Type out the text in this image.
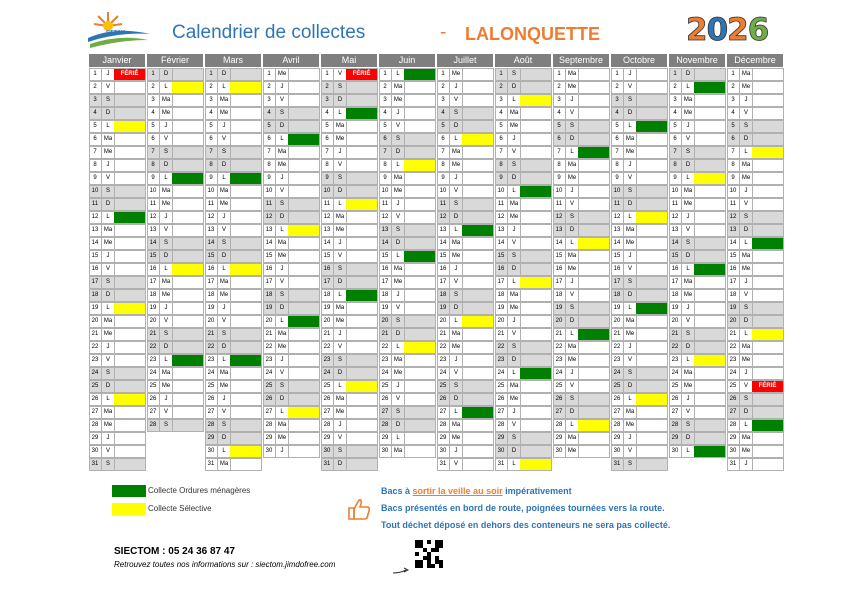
SIETOM Calendrier de collectes	- LALONQUETTE	2026
Janvier
1	J	FÉRIÉ
2	V
3	S
4	D
5	L
6	Ma
7	Me
8	J
9	V
10	S
11	D
12	L
13 Ma
14 Me
15	J
16	V
17	S
18	D
19	L
20 Ma
21 Me
22	J
23	V
24	S
25	D
26	L
27 Ma
28 Me
29	J
30	V
31	S
Février
1	D
2	L
3	Ma
4	Me
5	J
6	V
7	S
8	D
9	L
10 Ma
11 Me
12	J
13	V
14	S
15	D
16	L
17 Ma
18 Me
19	J
20	V
21	S
22	D
23	L
24 Ma
25 Me
26	J
27	V
28	S
Mars
1	D
2	L
3	Ma
4	Me
5	J
6	V
7	S
8	D
9	L
10 Ma
11 Me
12	J
13	V
14	S
15	D
16	L
17 Ma
18 Me
19	J
20	V
21	S
22	D
23	L
24 Ma
25 Me
26	J
27	V
28	S
29	D
30	L
31 Ma
Avril
1	Me
2	J
3	V
4	S
5	D
6	L
7	Ma
8	Me
9	J
10	V
11	S
12	D
13	L
14 Ma
15 Me
16	J
17	V
18	S
19	D
20	L
21 Ma
22 Me
23	J
24	V
25	S
26	D
27	L
28 Ma
29 Me
30	J
Mai
1	V	FÉRIÉ
2	S
3	D
4	L
5	Ma
6	Me
7	J
8	V
9	S
10	D
11	L
12 Ma
13 Me
14	J
15	V
16	S
17	D
18	L
19 Ma
20 Me
21	J
22	V
23	S
24	D
25	L
26 Ma
27 Me
28	J
29	V
30	S
31	D
Juin
1	L
2	Ma
3	Me
4	J
5	V
6	S
7	D
8	L
9	Ma
10 Me
11	J
12	V
13	S
14	D
15	L
16 Ma
17 Me
18	J
19	V
20	S
21	D
22	L
23 Ma
24 Me
25	J
26	V
27	S
28	D
29	L
30 Ma
Juillet
1	Me
2	J
3	V
4	S
5	D
6	L
7	Ma
8	Me
9	J
10	V
11	S
12	D
13	L
14 Ma
15 Me
16	J
17	V
18	S
19	D
20	L
21 Ma
22 Me
23	J
24	V
25	S
26	D
27	L
28 Ma
29 Me
30	J
31	V
Août
1	S
2	D
3	L
4	Ma
5	Me
6	J
7	V
8	S
9	D
10	L
11 Ma
12 Me
13	J
14	V
15	S
16	D
17	L
18 Ma
19 Me
20	J
21	V
22	S
23	D
24	L
25 Ma
26 Me
27	J
28	V
29	S
30	D
31	L
Septembre
1	Ma
2	Me
3	J
4	V
5	S
6	D
7	L
8	Ma
9	Me
10	J
11	V
12	S
13	D
14	L
15 Ma
16 Me
17	J
18	V
19	S
20	D
21	L
22 Ma
23 Me
24	J
25	V
26	S
27	D
28	L
29 Ma
30 Me
Octobre
1	J
2	V
3	S
4	D
5	L
6	Ma
7	Me
8	J
9	V
10	S
11	D
12	L
13 Ma
14 Me
15	J
16	V
17	S
18	D
19	L
20 Ma
21 Me
22	J
23	V
24	S
25	D
26	L
27 Ma
28 Me
29	J
30	V
31	S
Novembre
1	D
2	L
3	Ma
4	Me
5	J
6	V
7	S
8	D
9	L
10 Ma
11 Me
12	J
13	V
14	S
15	D
16	L
17 Ma
18 Me
19	J
20	V
21	S
22	D
23	L
24 Ma
25 Me
26	J
27	V
28	S
29	D
30	L
Décembre
1	Ma
2	Me
3	J
4	V
5	S
6	D
7	L
8	Ma
9	Me
10	J
11	V
12	S
13	D
14	L
15 Ma
16 Me
17	J
18	V
19	S
20	D
21	L
22 Ma
23 Me
24	J
25	V	FÉRIÉ
26	S
27	D
28	L
29 Ma
30 Me
31	J
Collecte Ordures ménagères
Collecte Sélective
Bacs à sortir la veille au soir impérativement
Bacs présentés en bord de route, poignées tournées vers la route.
Tout déchet déposé en dehors des conteneurs ne sera pas collecté.
SIECTOM : 05 24 36 87 47
Retrouvez toutes nos informations sur : siectom.jimdofree.com
